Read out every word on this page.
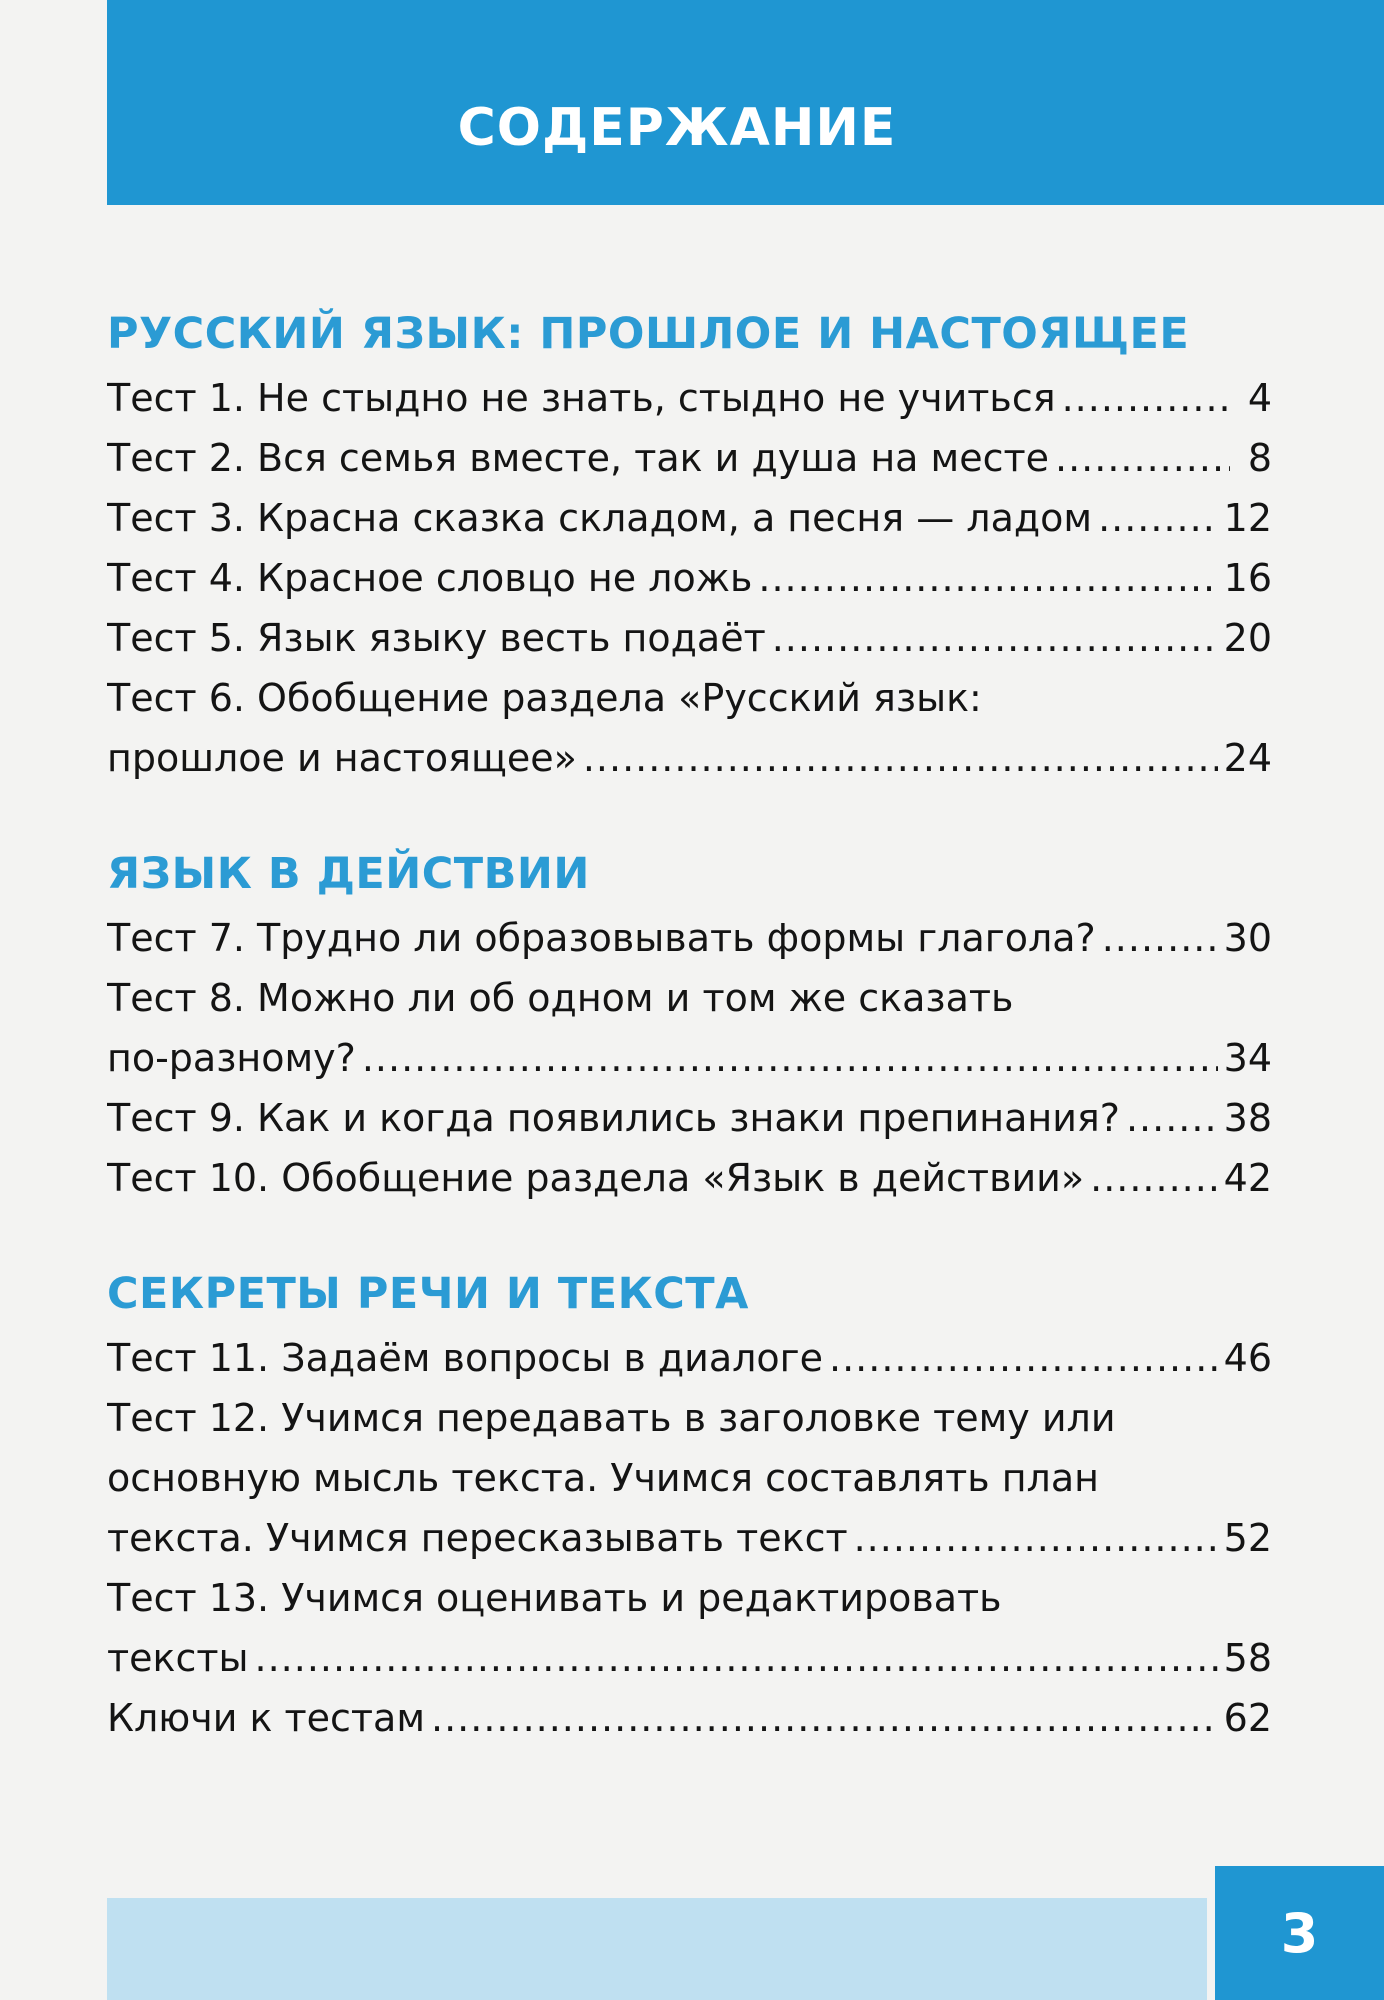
СОДЕРЖАНИЕ
РУССКИЙ ЯЗЫК: ПРОШЛОЕ И НАСТОЯЩЕЕ
Тест 1. Не стыдно не знать, стыдно не учиться .....	4
Тест 2. Вся семья вместе, так и душа на месте .....	8
Тест 3. Красна сказка складом, а песня — ладом .....	12
Тест 4. Красное словцо не ложь .....	16
Тест 5. Язык языку весть подаёт .....	20
Тест 6. Обобщение раздела «Русский язык:
прошлое и настоящее» .....	24
ЯЗЫК В ДЕЙСТВИИ
Тест 7. Трудно ли образовывать формы глагола? .....	30
Тест 8. Можно ли об одном и том же сказать
по-разному? .....	34
Тест 9. Как и когда появились знаки препинания? .....	38
Тест 10. Обобщение раздела «Язык в действии» .....	42
СЕКРЕТЫ РЕЧИ И ТЕКСТА
Тест 11. Задаём вопросы в диалоге .....	46
Тест 12. Учимся передавать в заголовке тему или
основную мысль текста. Учимся составлять план
текста. Учимся пересказывать текст .....	52
Тест 13. Учимся оценивать и редактировать
тексты .....	58
Ключи к тестам .....	62
3
